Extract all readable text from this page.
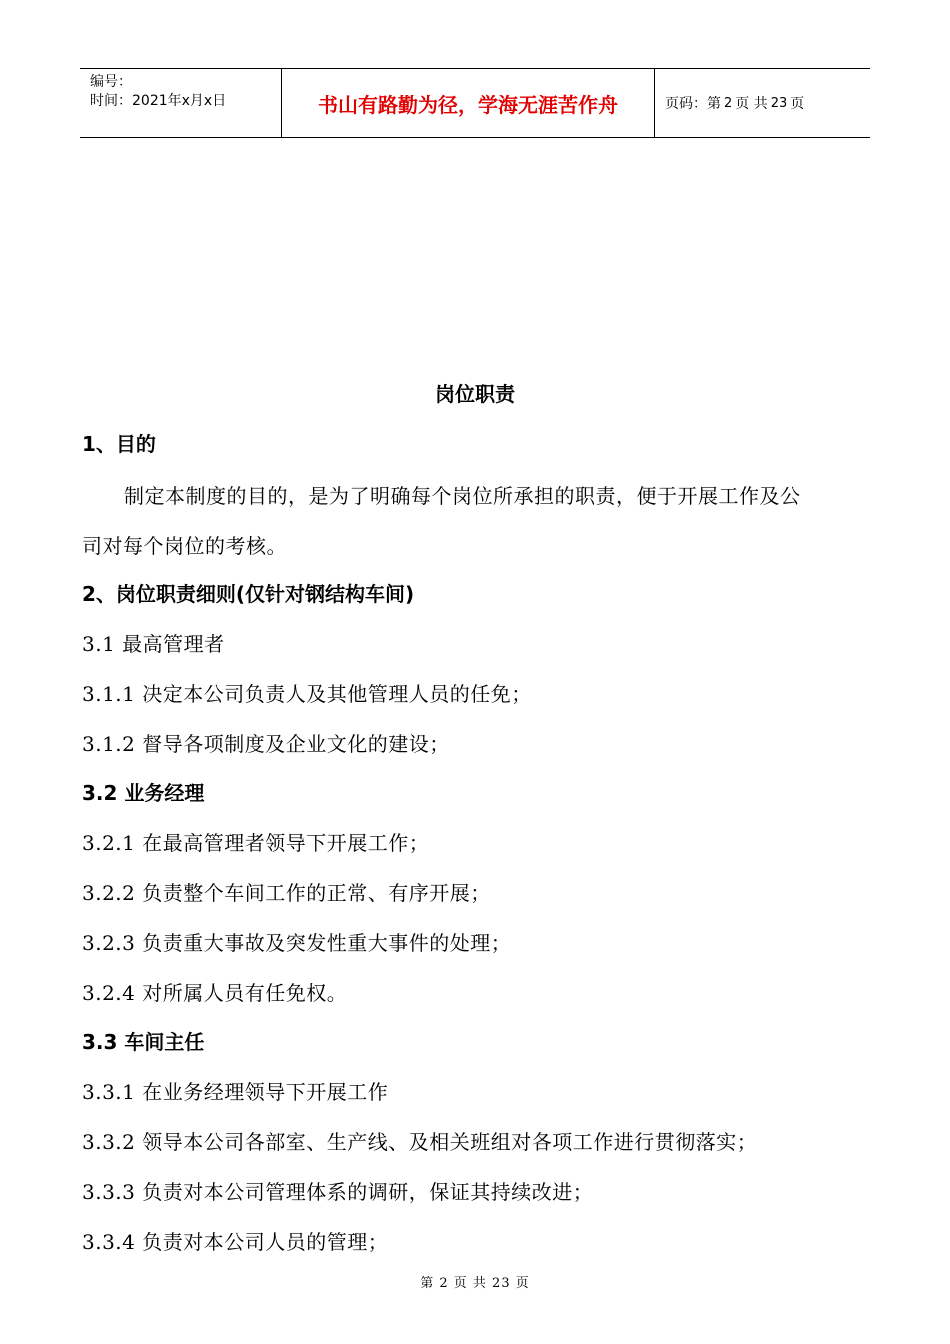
编号：
时间：2021年x月x日	书山有路勤为径，学海无涯苦作舟	页码：第 2 页 共 23 页
岗位职责
1、目的
制定本制度的目的，是为了明确每个岗位所承担的职责，便于开展工作及公
司对每个岗位的考核。
2、岗位职责细则(仅针对钢结构车间)
3.1 最高管理者
3.1.1 决定本公司负责人及其他管理人员的任免；
3.1.2 督导各项制度及企业文化的建设；
3.2 业务经理
3.2.1 在最高管理者领导下开展工作；
3.2.2 负责整个车间工作的正常、有序开展；
3.2.3 负责重大事故及突发性重大事件的处理；
3.2.4 对所属人员有任免权。
3.3 车间主任
3.3.1 在业务经理领导下开展工作
3.3.2 领导本公司各部室、生产线、及相关班组对各项工作进行贯彻落实；
3.3.3 负责对本公司管理体系的调研，保证其持续改进；
3.3.4 负责对本公司人员的管理；
第 2 页 共 23 页
